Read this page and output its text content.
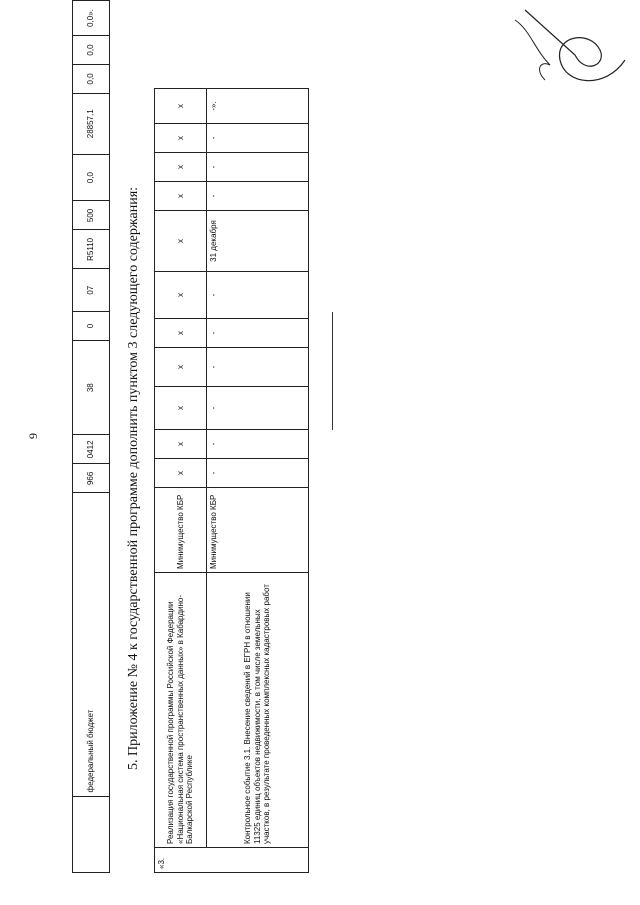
9
	федеральный бюджет	966	0412	38	0	07	R5110	500	0,0	28857,1	0,0	0,0	0,0».
5. Приложение № 4 к государственной программе дополнить пунктом 3 следующего содержания:
«3.	Реализация государственной программы Российской Федерации «Национальная система пространственных данных» в Кабардино-Балкарской Республике	Минимущество КБР	х	х	х	х	х	х	х	х	х	х	х
	Контрольное событие 3.1. Внесение сведений в ЕГРН в отношении 11325 единиц объектов недвижимости, в том числе земельных участков, в результате проведенных комплексных кадастровых работ	Минимущество КБР	-	-	-	-	-	-	31 декабря	-	-	-	-».
